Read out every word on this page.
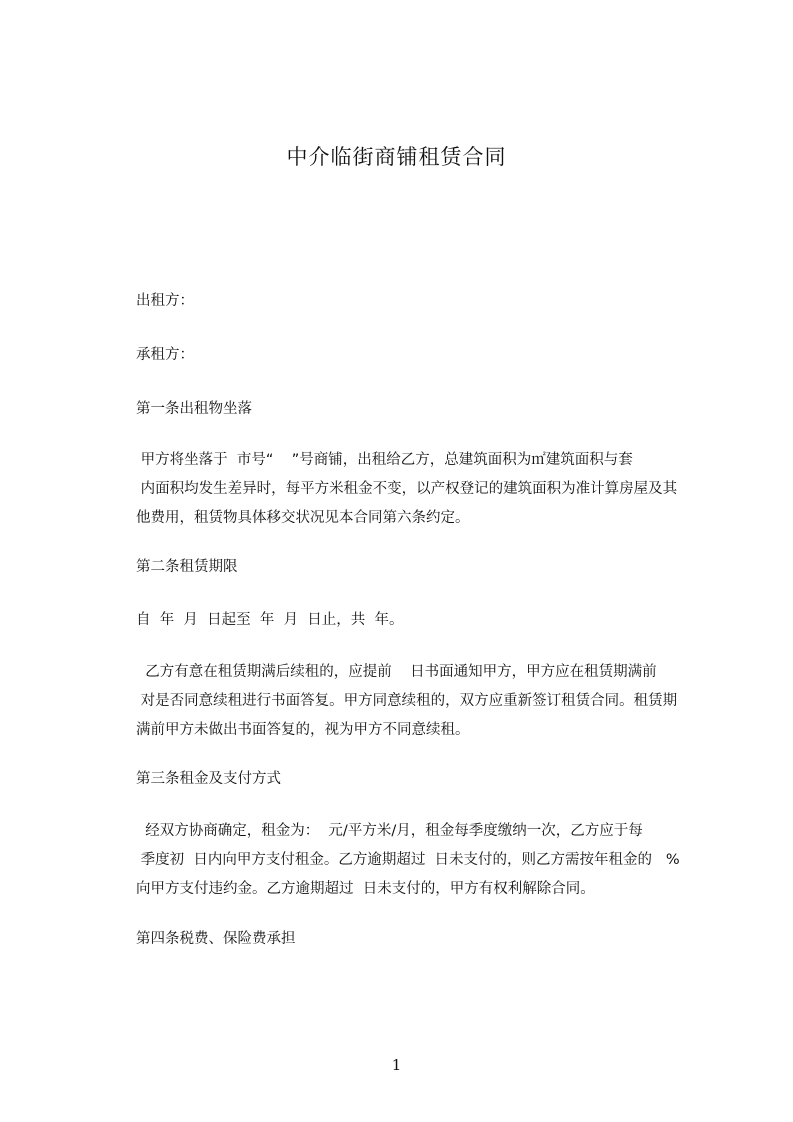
中介临街商铺租赁合同
出租方：
承租方：
第一条出租物坐落
甲方将坐落于  市号“    ”号商铺，出租给乙方，总建筑面积为㎡建筑面积与套
内面积均发生差异时，每平方米租金不变，以产权登记的建筑面积为准计算房屋及其
他费用，租赁物具体移交状况见本合同第六条约定。
第二条租赁期限
自  年  月  日起至  年  月  日止，共  年。
乙方有意在租赁期满后续租的，应提前    日书面通知甲方，甲方应在租赁期满前
对是否同意续租进行书面答复。甲方同意续租的，双方应重新签订租赁合同。租赁期
满前甲方未做出书面答复的，视为甲方不同意续租。
第三条租金及支付方式
经双方协商确定，租金为：  元/平方米/月，租金每季度缴纳一次，乙方应于每
季度初  日内向甲方支付租金。乙方逾期超过  日未支付的，则乙方需按年租金的   %
向甲方支付违约金。乙方逾期超过  日未支付的，甲方有权利解除合同。
第四条税费、保险费承担
1
